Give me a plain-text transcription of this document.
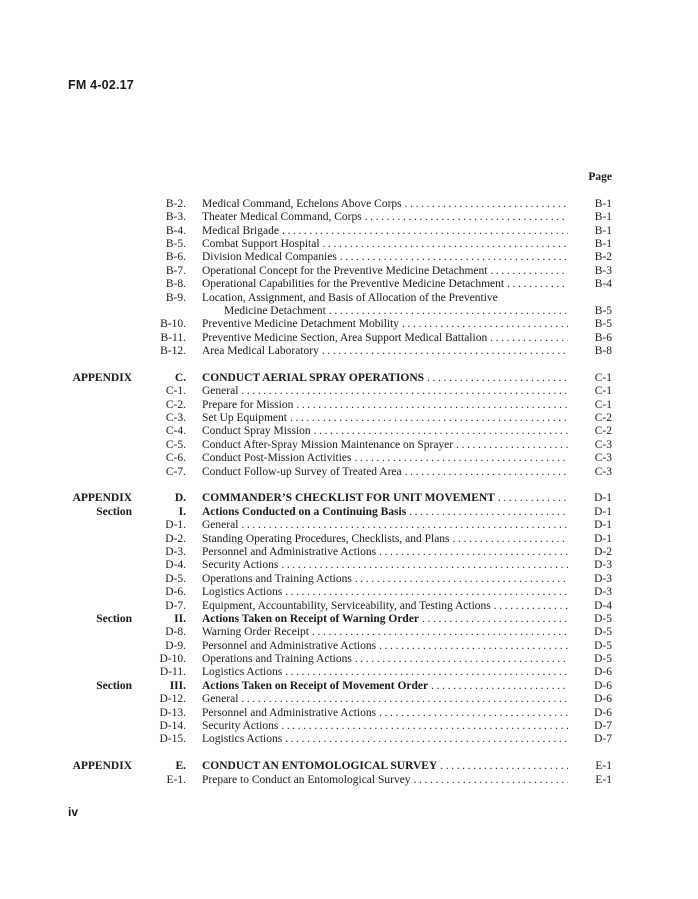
FM 4-02.17
Page
B-2. Medical Command, Echelons Above Corps .....	B-1
B-3. Theater Medical Command, Corps .....	B-1
B-4. Medical Brigade .....	B-1
B-5. Combat Support Hospital .....	B-1
B-6. Division Medical Companies .....	B-2
B-7. Operational Concept for the Preventive Medicine Detachment .....	B-3
B-8. Operational Capabilities for the Preventive Medicine Detachment .....	B-4
B-9. Location, Assignment, and Basis of Allocation of the Preventive
Medicine Detachment .....	B-5
B-10. Preventive Medicine Detachment Mobility .....	B-5
B-11. Preventive Medicine Section, Area Support Medical Battalion .....	B-6
B-12. Area Medical Laboratory .....	B-8
APPENDIX	C. CONDUCT AERIAL SPRAY OPERATIONS .....	C-1
C-1. General .....	C-1
C-2. Prepare for Mission .....	C-1
C-3. Set Up Equipment .....	C-2
C-4. Conduct Spray Mission .....	C-2
C-5. Conduct After-Spray Mission Maintenance on Sprayer .....	C-3
C-6. Conduct Post-Mission Activities .....	C-3
C-7. Conduct Follow-up Survey of Treated Area .....	C-3
APPENDIX	D. COMMANDER’S CHECKLIST FOR UNIT MOVEMENT .....	D-1
Section	I. Actions Conducted on a Continuing Basis .....	D-1
D-1. General .....	D-1
D-2. Standing Operating Procedures, Checklists, and Plans .....	D-1
D-3. Personnel and Administrative Actions .....	D-2
D-4. Security Actions .....	D-3
D-5. Operations and Training Actions .....	D-3
D-6. Logistics Actions .....	D-3
D-7. Equipment, Accountability, Serviceability, and Testing Actions .....	D-4
Section	II. Actions Taken on Receipt of Warning Order .....	D-5
D-8. Warning Order Receipt .....	D-5
D-9. Personnel and Administrative Actions .....	D-5
D-10. Operations and Training Actions .....	D-5
D-11. Logistics Actions .....	D-6
Section	III. Actions Taken on Receipt of Movement Order .....	D-6
D-12. General .....	D-6
D-13. Personnel and Administrative Actions .....	D-6
D-14. Security Actions .....	D-7
D-15. Logistics Actions .....	D-7
APPENDIX	E. CONDUCT AN ENTOMOLOGICAL SURVEY .....	E-1
E-1. Prepare to Conduct an Entomological Survey .....	E-1
iv
